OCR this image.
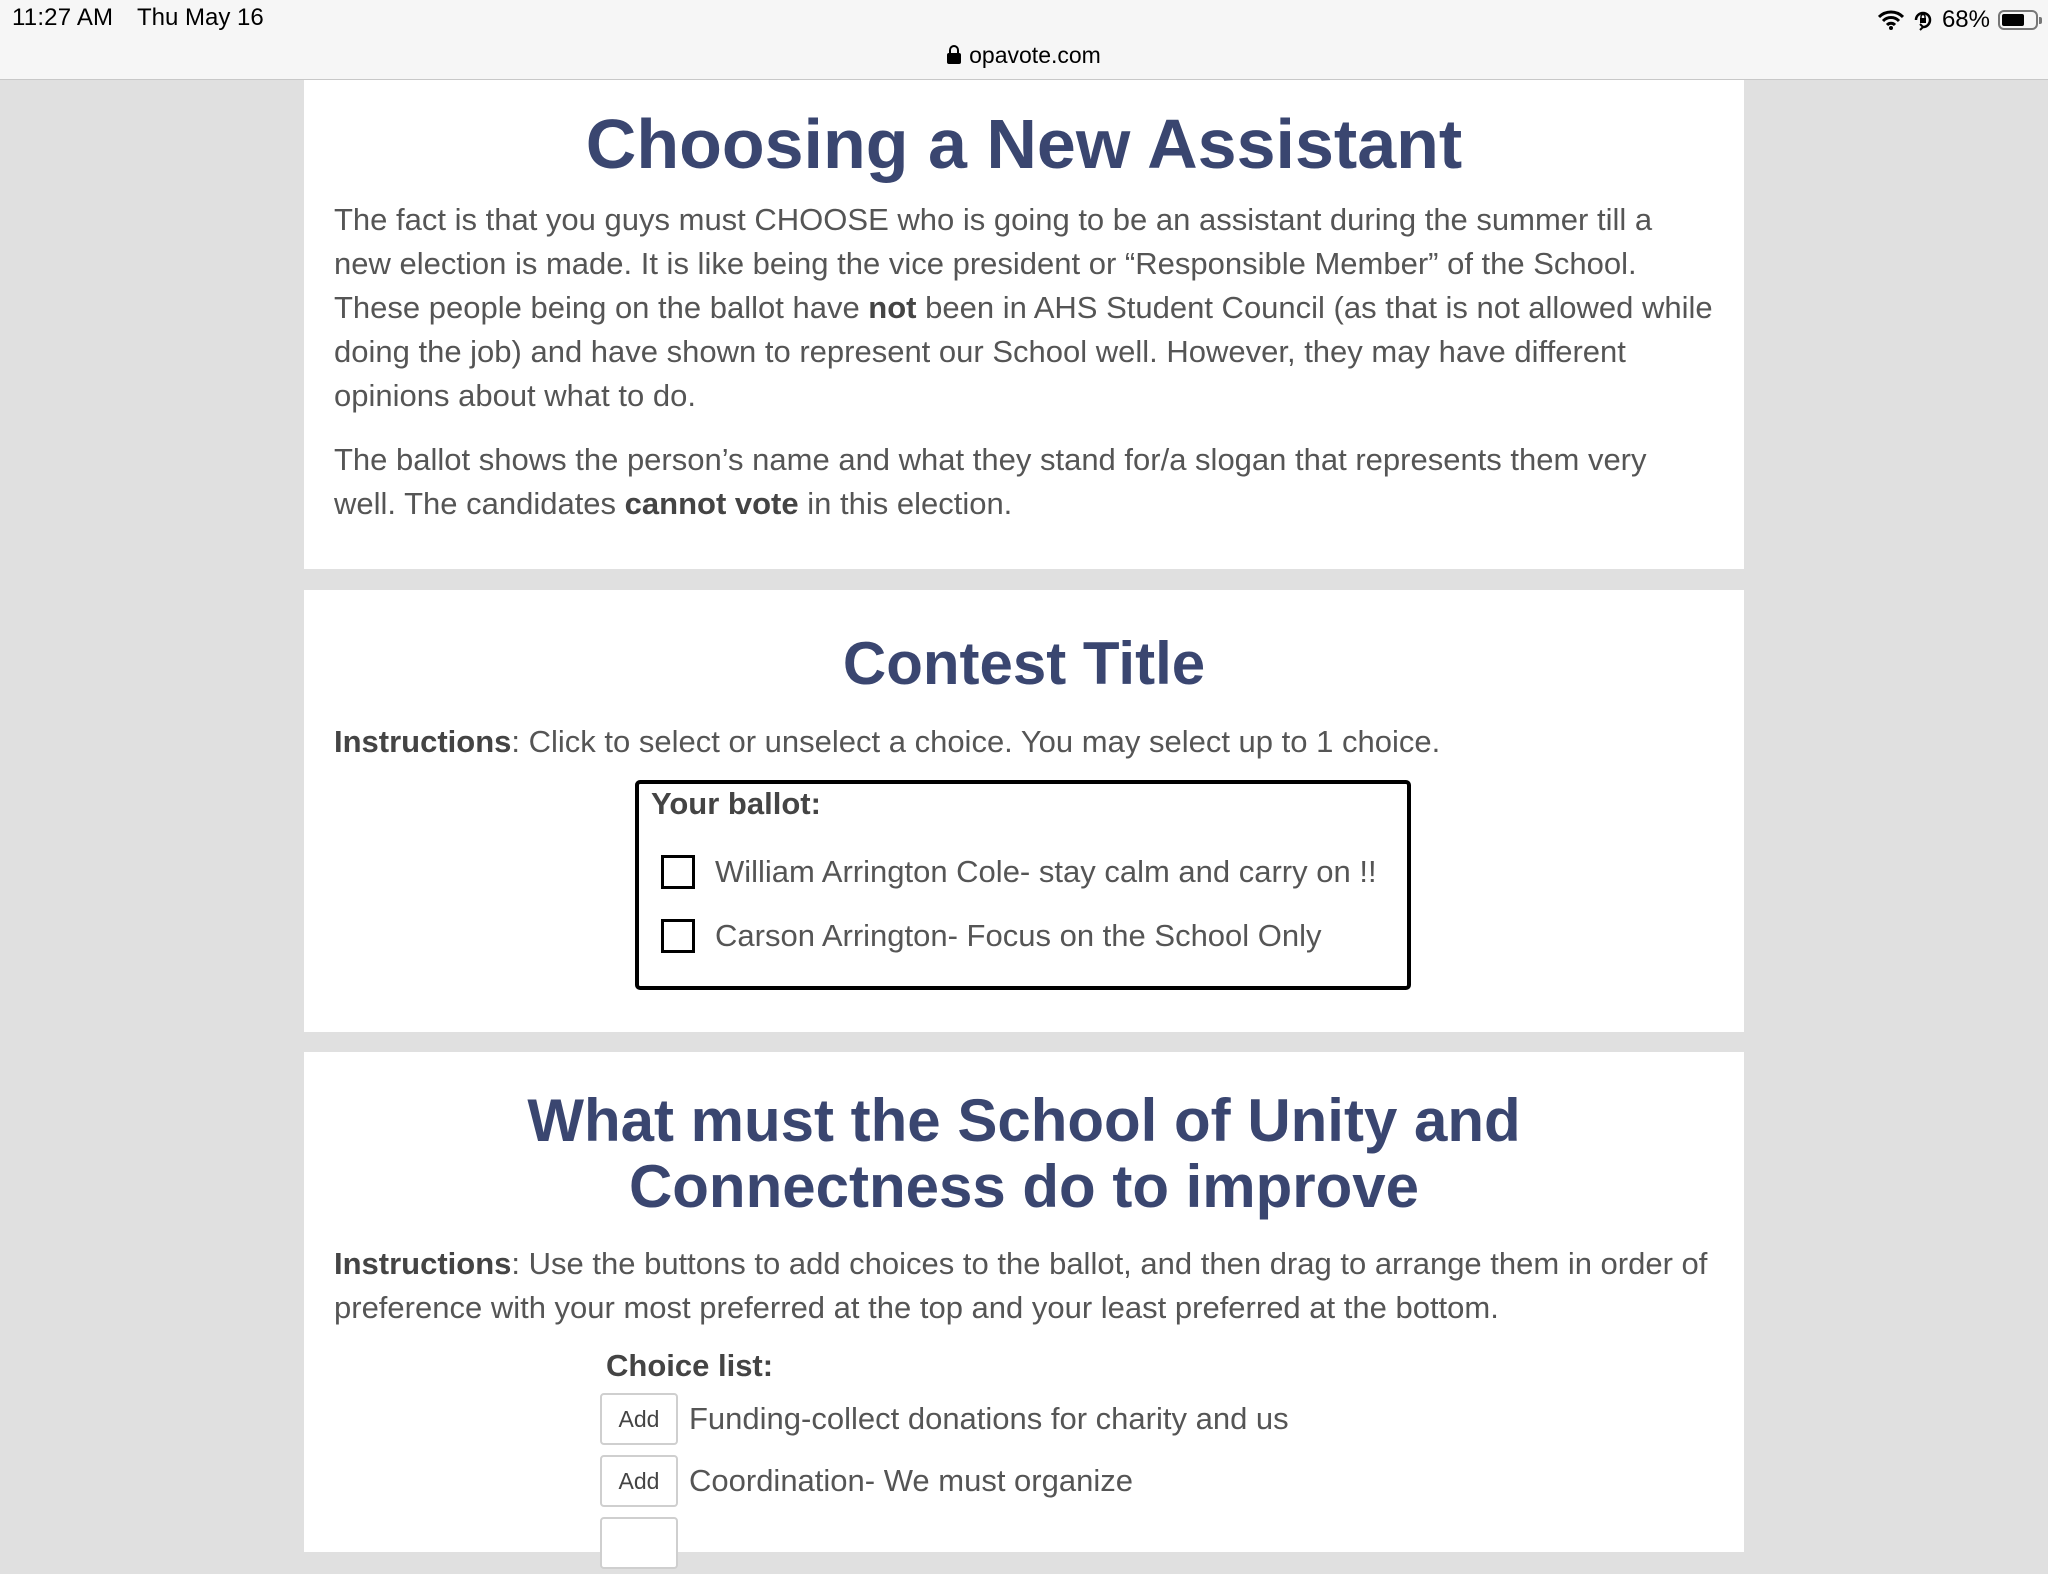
11:27 AM Thu May 16	68%
opavote.com
Choosing a New Assistant

The fact is that you guys must CHOOSE who is going to be an assistant during the summer till a new election is made. It is like being the vice president or “Responsible Member” of the School. These people being on the ballot have not been in AHS Student Council (as that is not allowed while doing the job) and have shown to represent our School well. However, they may have different opinions about what to do.

The ballot shows the person’s name and what they stand for/a slogan that represents them very well. The candidates cannot vote in this election.

Contest Title

Instructions: Click to select or unselect a choice. You may select up to 1 choice.

Your ballot:
William Arrington Cole- stay calm and carry on !!
Carson Arrington- Focus on the School Only
What must the School of Unity and Connectness do to improve

Instructions: Use the buttons to add choices to the ballot, and then drag to arrange them in order of preference with your most preferred at the top and your least preferred at the bottom.

Choice list:
Add Funding-collect donations for charity and us
Add Coordination- We must organize
